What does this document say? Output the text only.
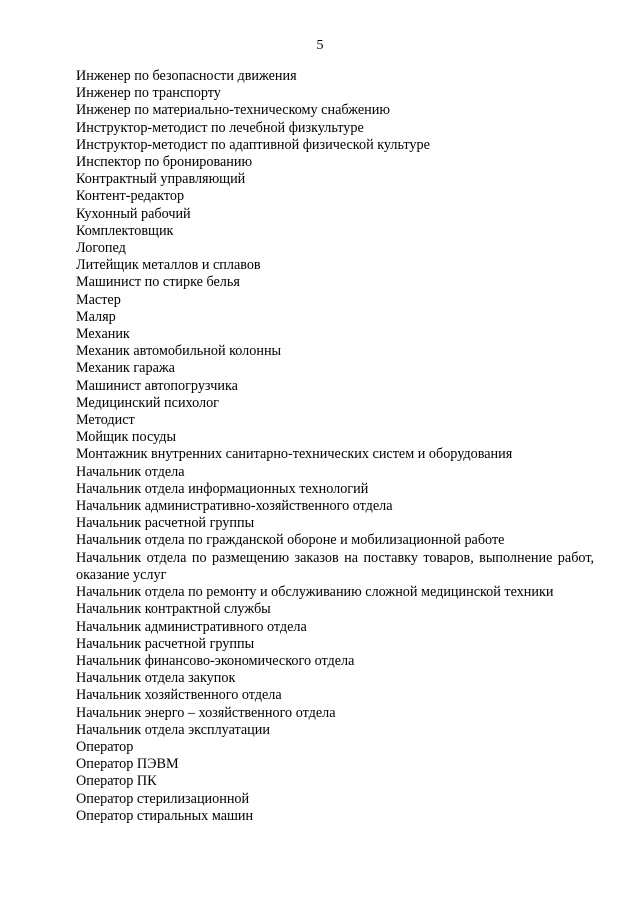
5
Инженер по безопасности движения
Инженер по транспорту
Инженер по материально-техническому снабжению
Инструктор-методист по лечебной физкультуре
Инструктор-методист по адаптивной физической культуре
Инспектор по бронированию
Контрактный управляющий
Контент-редактор
Кухонный рабочий
Комплектовщик
Логопед
Литейщик металлов и сплавов
Машинист по стирке белья
Мастер
Маляр
Механик
Механик автомобильной колонны
Механик гаража
Машинист автопогрузчика
Медицинский психолог
Методист
Мойщик посуды
Монтажник внутренних санитарно-технических систем и оборудования
Начальник отдела
Начальник отдела информационных технологий
Начальник административно-хозяйственного отдела
Начальник расчетной группы
Начальник отдела по гражданской обороне и мобилизационной работе
Начальник отдела по размещению заказов на поставку товаров, выполнение работ, оказание услуг
Начальник отдела по ремонту и обслуживанию сложной медицинской техники
Начальник контрактной службы
Начальник административного отдела
Начальник расчетной группы
Начальник финансово-экономического отдела
Начальник отдела закупок
Начальник хозяйственного отдела
Начальник энерго – хозяйственного отдела
Начальник отдела эксплуатации
Оператор
Оператор ПЭВМ
Оператор ПК
Оператор стерилизационной
Оператор стиральных машин
